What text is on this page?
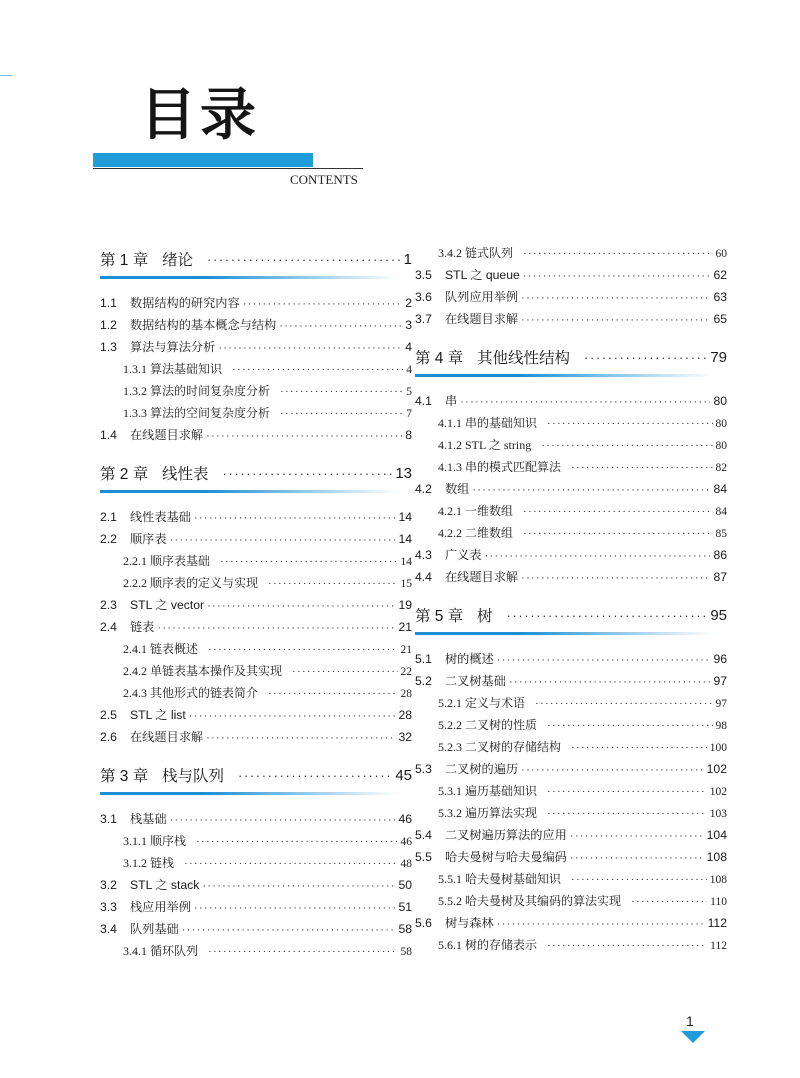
目录
CONTENTS
第 1 章 绪论 ·····	1
1.1	数据结构的研究内容 ·····	2
1.2	数据结构的基本概念与结构 ·····	3
1.3	算法与算法分析 ·····	4
1.3.1 算法基础知识 ·····	4
1.3.2 算法的时间复杂度分析 ·····	5
1.3.3 算法的空间复杂度分析 ·····	7
1.4	在线题目求解 ·····	8
第 2 章 线性表 ·····	13
2.1	线性表基础 ·····	14
2.2	顺序表 ·····	14
2.2.1 顺序表基础 ·····	14
2.2.2 顺序表的定义与实现 ·····	15
2.3	STL 之 vector ·····	19
2.4	链表 ·····	21
2.4.1 链表概述 ·····	21
2.4.2 单链表基本操作及其实现 ·····	22
2.4.3 其他形式的链表简介 ·····	28
2.5	STL 之 list ·····	28
2.6	在线题目求解 ·····	32
第 3 章 栈与队列 ·····	45
3.1	栈基础 ·····	46
3.1.1 顺序栈 ·····	46
3.1.2 链栈 ·····	48
3.2	STL 之 stack ·····	50
3.3	栈应用举例 ·····	51
3.4	队列基础 ·····	58
3.4.1 循环队列 ·····	58
3.4.2 链式队列 ·····	60
3.5	STL 之 queue ·····	62
3.6	队列应用举例 ·····	63
3.7	在线题目求解 ·····	65
第 4 章 其他线性结构 ·····	79
4.1	串 ·····	80
4.1.1 串的基础知识 ·····	80
4.1.2 STL 之 string ·····	80
4.1.3 串的模式匹配算法 ·····	82
4.2	数组 ·····	84
4.2.1 一维数组 ·····	84
4.2.2 二维数组 ·····	85
4.3	广义表 ·····	86
4.4	在线题目求解 ·····	87
第 5 章 树 ·····	95
5.1	树的概述 ·····	96
5.2	二叉树基础 ·····	97
5.2.1 定义与术语 ·····	97
5.2.2 二叉树的性质 ·····	98
5.2.3 二叉树的存储结构 ·····	100
5.3	二叉树的遍历 ·····	102
5.3.1 遍历基础知识 ·····	102
5.3.2 遍历算法实现 ·····	103
5.4	二叉树遍历算法的应用 ·····	104
5.5	哈夫曼树与哈夫曼编码 ·····	108
5.5.1 哈夫曼树基础知识 ·····	108
5.5.2 哈夫曼树及其编码的算法实现 ·····	110
5.6	树与森林 ·····	112
5.6.1 树的存储表示 ·····	112
1
